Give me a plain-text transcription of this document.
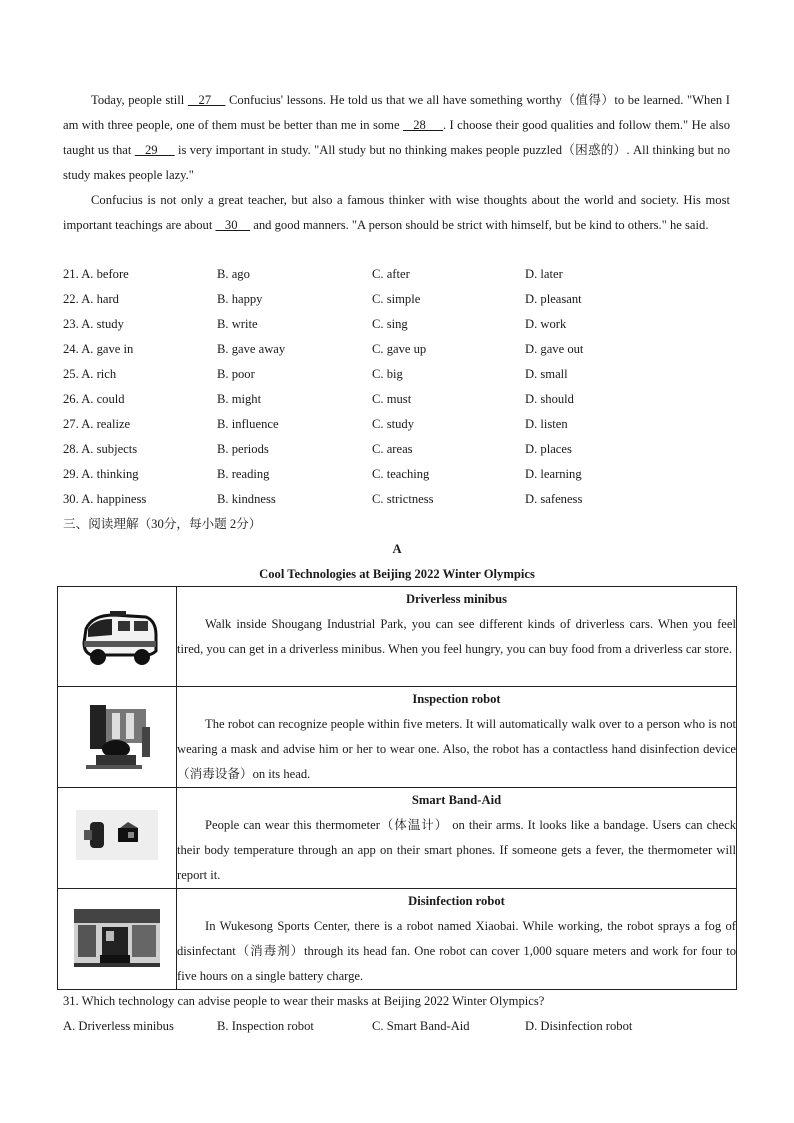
Today, people still    27     Confucius' lessons. He told us that we all have something worthy（值得）to be learned. "When I am with three people, one of them must be better than me in some    28     . I choose their good qualities and follow them." He also taught us that    29      is very important in study. "All study but no thinking makes people puzzled（困惑的）. All thinking but no study makes people lazy."

Confucius is not only a great teacher, but also a famous thinker with wise thoughts about the world and society. His most important teachings are about    30     and good manners. "A person should be strict with himself, but be kind to others." he said.

21. A. before	B. ago	C. after	D. later
22. A. hard	B. happy	C. simple	D. pleasant
23. A. study	B. write	C. sing	D. work
24. A. gave in	B. gave away	C. gave up	D. gave out
25. A. rich	B. poor	C. big	D. small
26. A. could	B. might	C. must	D. should
27. A. realize	B. influence	C. study	D. listen
28. A. subjects	B. periods	C. areas	D. places
29. A. thinking	B. reading	C. teaching	D. learning
30. A. happiness	B. kindness	C. strictness	D. safeness
三、阅读理解（30分，每小题 2分）
A
Cool Technologies at Beijing 2022 Winter Olympics

Driverless minibus
Walk inside Shougang Industrial Park, you can see different kinds of driverless cars. When you feel tired, you can get in a driverless minibus. When you feel hungry, you can buy food from a driverless car store.

Inspection robot
The robot can recognize people within five meters. It will automatically walk over to a person who is not wearing a mask and advise him or her to wear one. Also, the robot has a contactless hand disinfection device（消毒设备）on its head.

Smart Band-Aid
People can wear this thermometer（体温计） on their arms. It looks like a bandage. Users can check their body temperature through an app on their smart phones. If someone gets a fever, the thermometer will report it.

Disinfection robot
In Wukesong Sports Center, there is a robot named Xiaobai. While working, the robot sprays a fog of disinfectant（消毒剂）through its head fan. One robot can cover 1,000 square meters and work for four to five hours on a single battery charge.
31. Which technology can advise people to wear their masks at Beijing 2022 Winter Olympics?
A. Driverless minibus	B. Inspection robot	C. Smart Band-Aid	D. Disinfection robot
